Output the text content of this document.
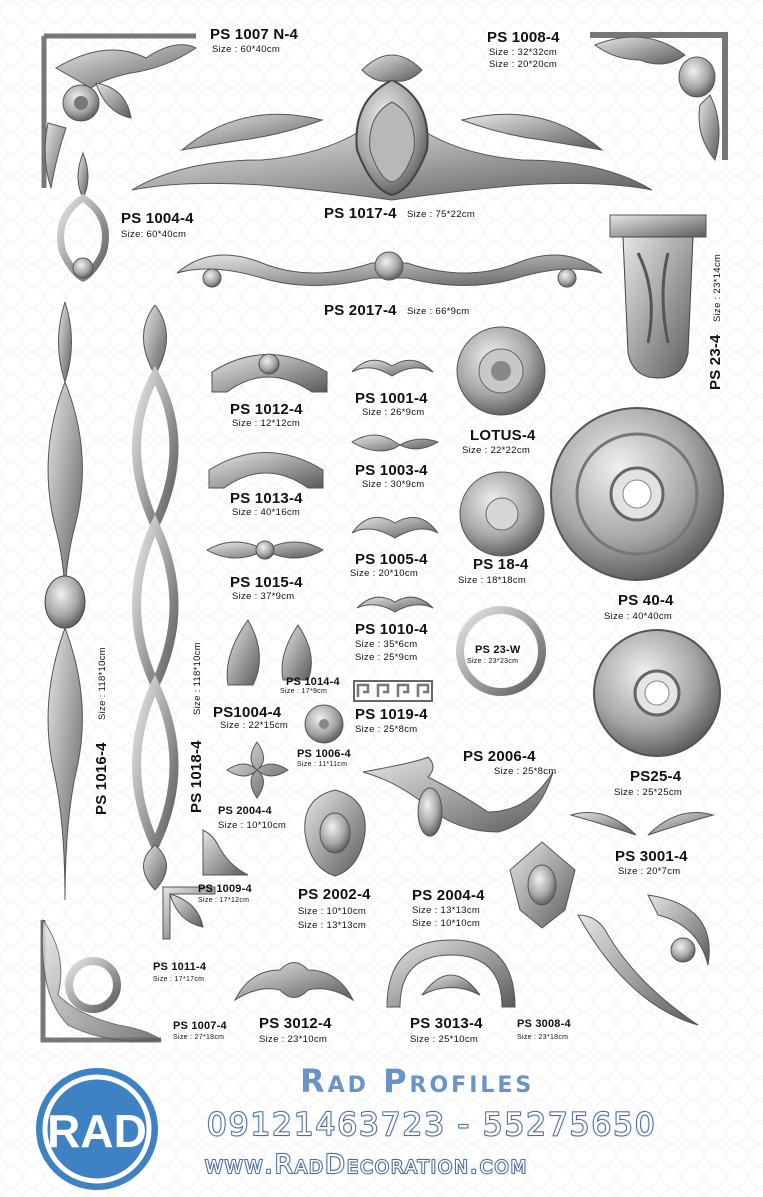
PS 1007 N-4
Size : 60*40cm
PS 1008-4
Size : 32*32cm
Size : 20*20cm
PS 1004-4
Size: 60*40cm
PS 1017-4 Size : 75*22cm
PS 2017-4 Size : 66*9cm
PS 23-4
Size : 23*14cm
PS 1012-4
Size : 12*12cm
PS 1001-4
Size : 26*9cm
LOTUS-4
Size : 22*22cm
PS 1013-4
Size : 40*16cm
PS 1003-4
Size : 30*9cm
PS 1005-4
Size : 20*10cm
PS 18-4
Size : 18*18cm
PS 1015-4
Size : 37*9cm	PS 40-4
Size : 40*40cm
PS 1010-4
Size : 35*6cm
Size : 25*9cm
PS 23-W
Size : 23*23cm
PS 1016-4
Size : 118*10cm
PS 1018-4
Size : 118*10cm	PS 1014-4
Size : 17*9cm
PS1004-4
Size : 22*15cm
PS 1019-4
Size : 25*8cm
PS 1006-4
Size : 11*11cm	PS 2006-4
Size : 25*8cm	PS25-4
Size : 25*25cm
PS 2004-4
Size : 10*10cm
PS 3001-4
Size : 20*7cm
PS 1009-4
Size : 17*12cm	PS 2002-4
Size : 10*10cm
Size : 13*13cm
PS 2004-4
Size : 13*13cm
Size : 10*10cm
PS 1011-4
Size : 17*17cm
PS 1007-4
Size : 27*18cm
PS 3012-4
Size : 23*10cm
PS 3013-4
Size : 25*10cm
PS 3008-4
Size : 23*18cm
RAD
Rad Profiles
09121463723 - 55275650
www.RadDecoration.com
